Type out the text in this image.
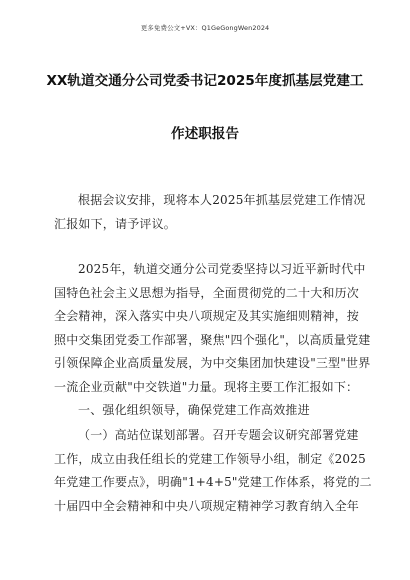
更多免费公文+VX：Q1GeGongWen2024
XX轨道交通分公司党委书记2025年度抓基层党建工
作述职报告
根据会议安排，现将本人2025年抓基层党建工作情况
汇报如下，请予评议。
2025年，轨道交通分公司党委坚持以习近平新时代中
国特色社会主义思想为指导，全面贯彻党的二十大和历次
全会精神，深入落实中央八项规定及其实施细则精神，按
照中交集团党委工作部署，聚焦"四个强化"，以高质量党建
引领保障企业高质量发展，为中交集团加快建设"三型"世界
一流企业贡献"中交铁道"力量。现将主要工作汇报如下：
一、强化组织领导，确保党建工作高效推进
（一）高站位谋划部署。召开专题会议研究部署党建
工作，成立由我任组长的党建工作领导小组，制定《2025
年党建工作要点》，明确"1+4+5"党建工作体系，将党的二
十届四中全会精神和中央八项规定精神学习教育纳入全年
